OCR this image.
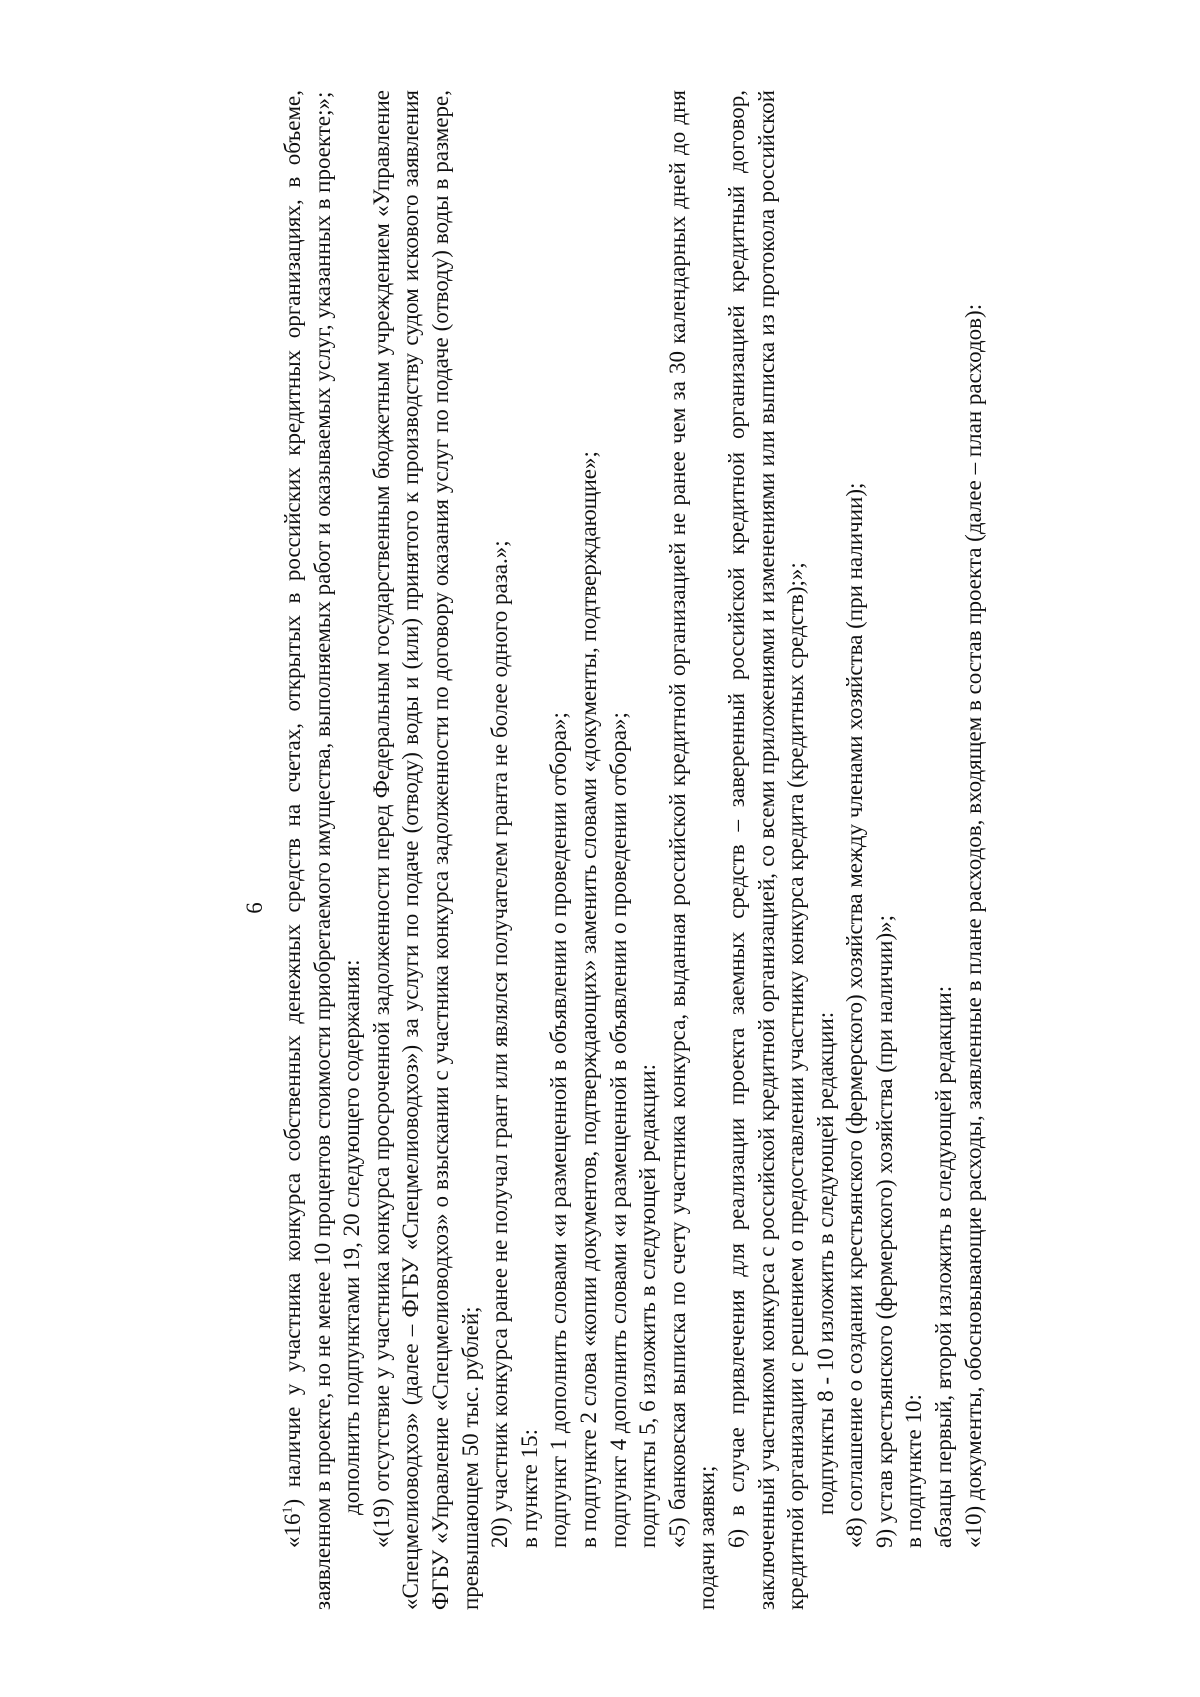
6

«$16^1$) наличие у участника конкурса собственных денежных средств на счетах, открытых в российских кредитных организациях, в объеме, заявленном в проекте, но не менее 10 процентов стоимости приобретаемого имущества, выполняемых работ и оказываемых услуг, указанных в проекте;»; дополнить подпунктами 19, 20 следующего содержания: «(19) отсутствие у участника конкурса просроченной задолженности перед Федеральным государственным бюджетным учреждением «Управление «Спецмелиоводхоз» (далее – ФГБУ «Спецмелиоводхоз») за услуги по подаче (отводу) воды и (или) принятого к производству судом искового заявления ФГБУ «Управление «Спецмелиоводхоз» о взыскании с участника конкурса задолженности по договору оказания услуг по подаче (отводу) воды в размере, превышающем 50 тыс. рублей; 20) участник конкурса ранее не получал грант или являлся получателем гранта не более одного раза.»; в пункте 15: подпункт 1 дополнить словами «и размещенной в объявлении о проведении отбора»; в подпункте 2 слова «копии документов, подтверждающих» заменить словами «документы, подтверждающие»; подпункт 4 дополнить словами «и размещенной в объявлении о проведении отбора»; подпункты 5, 6 изложить в следующей редакции: «5) банковская выписка по счету участника конкурса, выданная российской кредитной организацией не ранее чем за 30 календарных дней до дня подачи заявки; 6) в случае привлечения для реализации проекта заемных средств – заверенный российской кредитной организацией кредитный договор, заключенный участником конкурса с российской кредитной организацией, со всеми приложениями и изменениями или выписка из протокола российской кредитной организации с решением о предоставлении участнику конкурса кредита (кредитных средств);»; подпункты 8 - 10 изложить в следующей редакции: «8) соглашение о создании крестьянского (фермерского) хозяйства между членами хозяйства (при наличии); 9) устав крестьянского (фермерского) хозяйства (при наличии)»; в подпункте 10: абзацы первый, второй изложить в следующей редакции: «10) документы, обосновывающие расходы, заявленные в плане расходов, входящем в состав проекта (далее – план расходов):
